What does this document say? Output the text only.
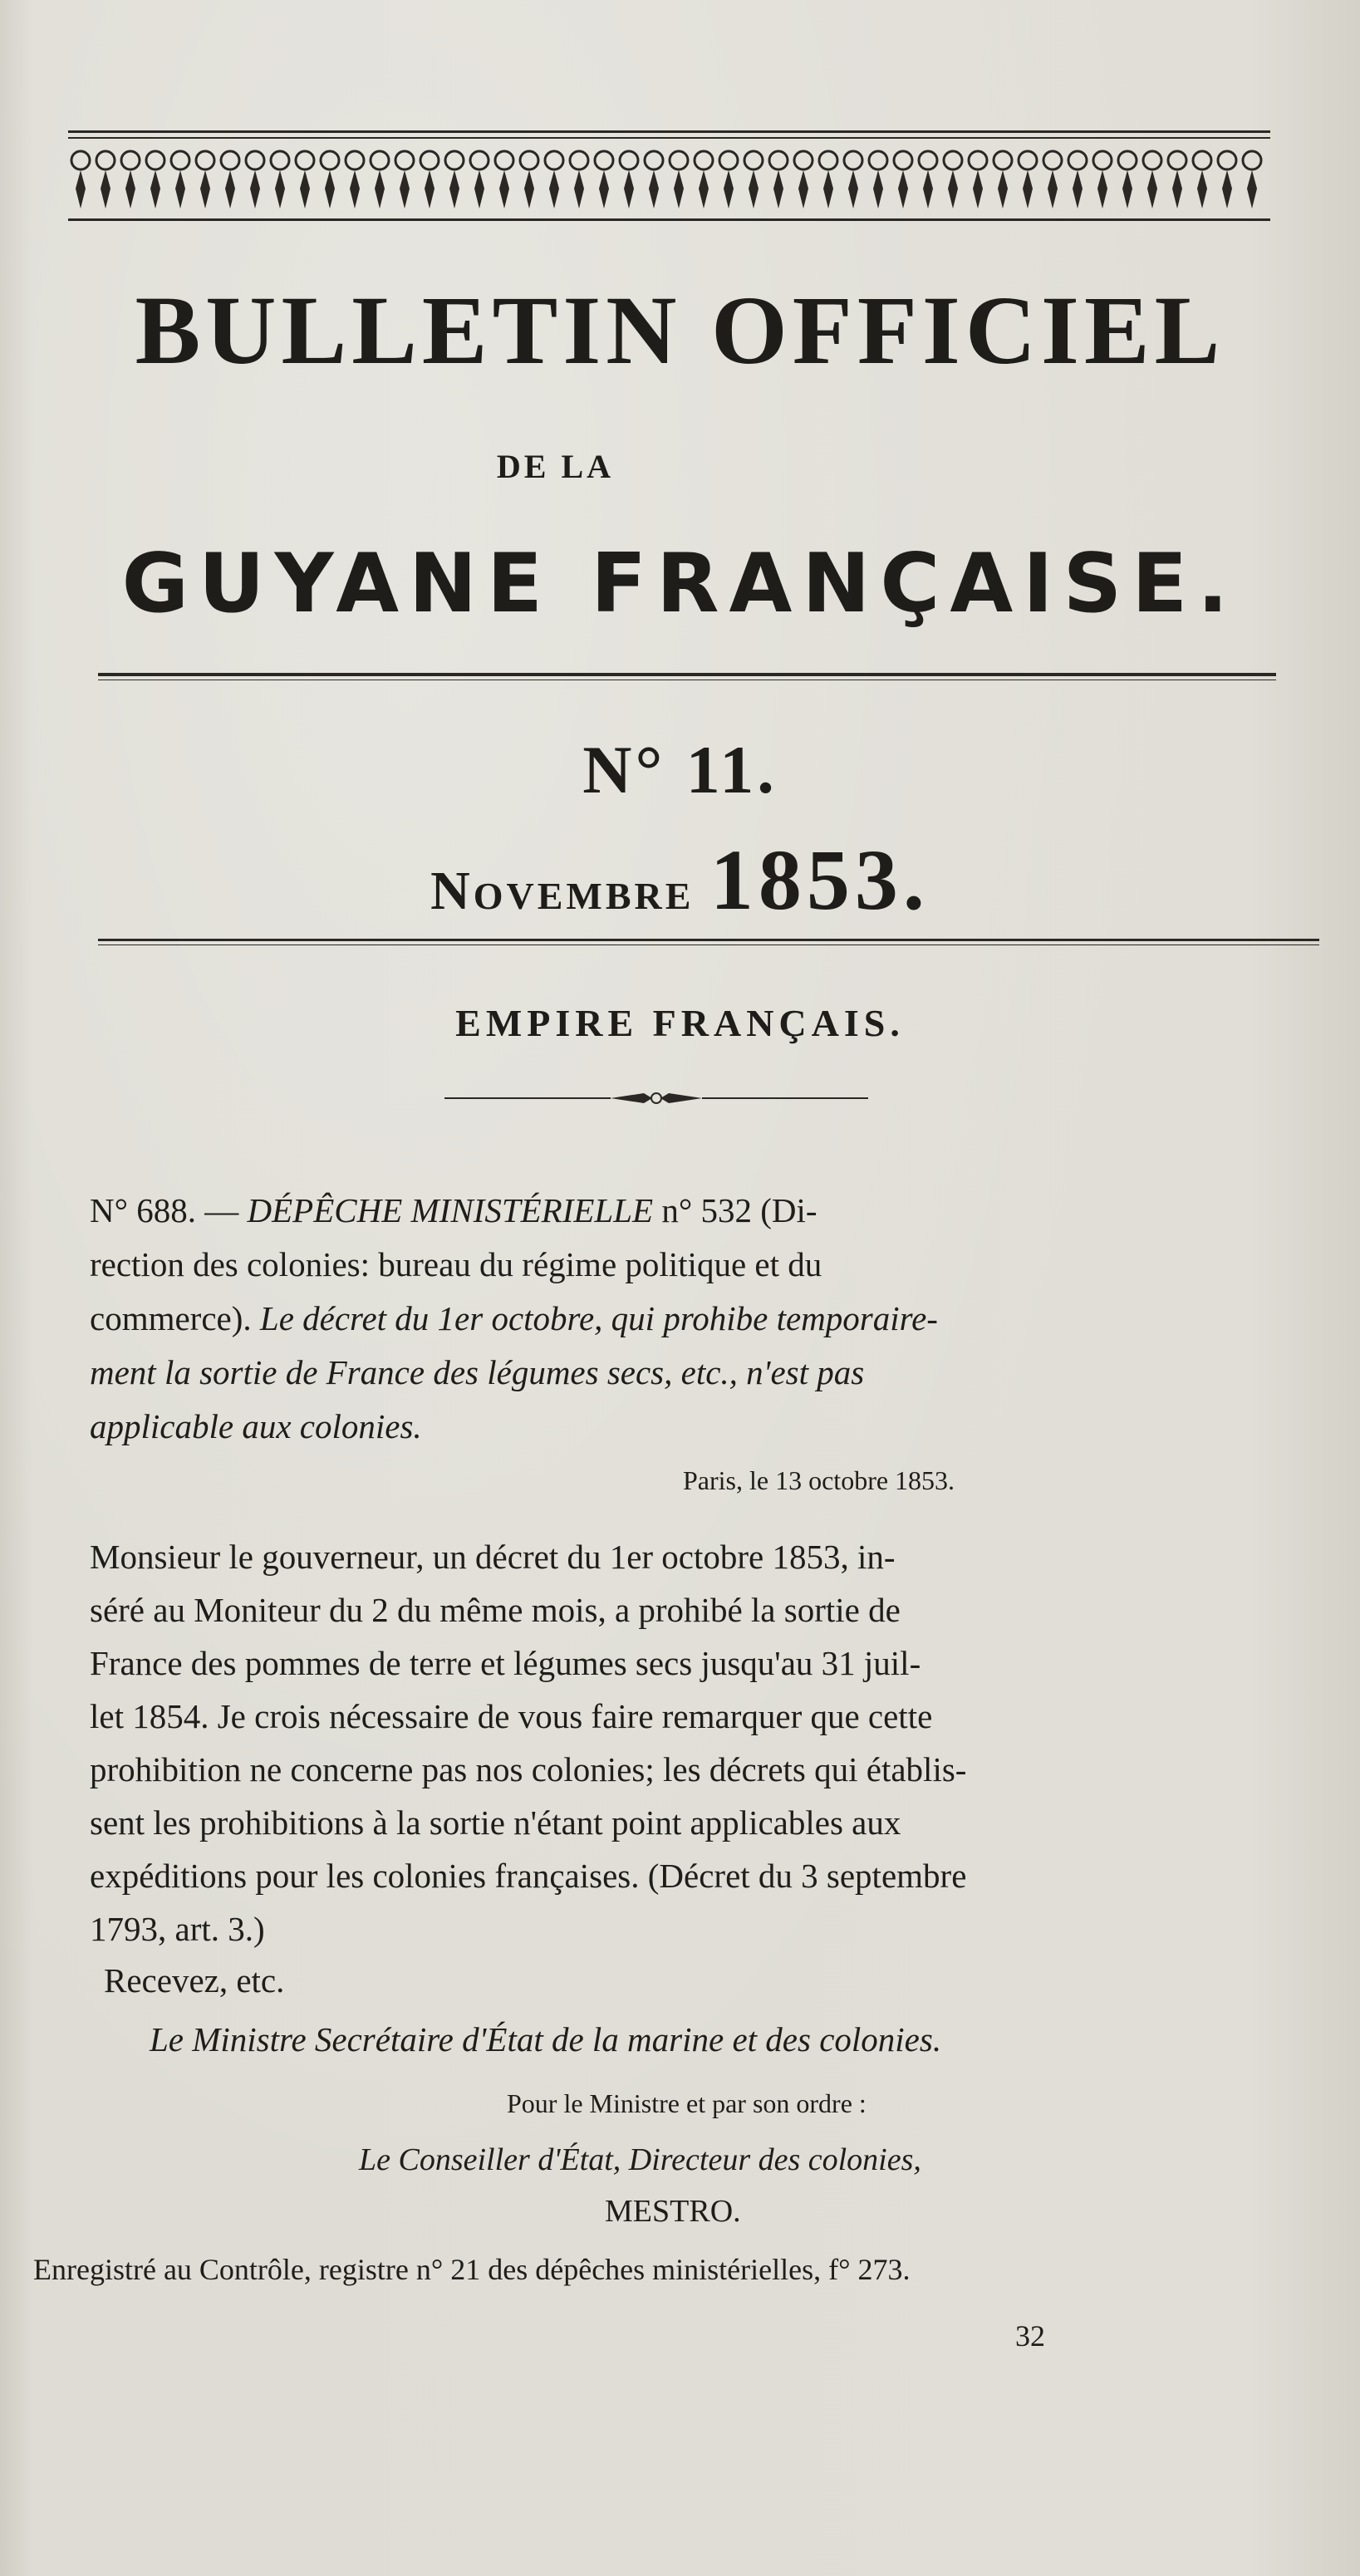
BULLETIN OFFICIEL
DE LA
GUYANE FRANÇAISE.
N° 11.
Novembre 1853.
EMPIRE FRANÇAIS.
N° 688. — DÉPÊCHE MINISTÉRIELLE n° 532 (Di-
rection des colonies: bureau du régime politique et du
commerce). Le décret du 1er octobre, qui prohibe temporaire-
ment la sortie de France des légumes secs, etc., n'est pas
applicable aux colonies.
Paris, le 13 octobre 1853.
Monsieur le gouverneur, un décret du 1er octobre 1853, in-
séré au Moniteur du 2 du même mois, a prohibé la sortie de
France des pommes de terre et légumes secs jusqu'au 31 juil-
let 1854. Je crois nécessaire de vous faire remarquer que cette
prohibition ne concerne pas nos colonies; les décrets qui établis-
sent les prohibitions à la sortie n'étant point applicables aux
expéditions pour les colonies françaises. (Décret du 3 septembre
1793, art. 3.)
Recevez, etc.
Le Ministre Secrétaire d'État de la marine et des colonies.
Pour le Ministre et par son ordre :
Le Conseiller d'État, Directeur des colonies,
MESTRO.
Enregistré au Contrôle, registre n° 21 des dépêches ministérielles, f° 273.
32
